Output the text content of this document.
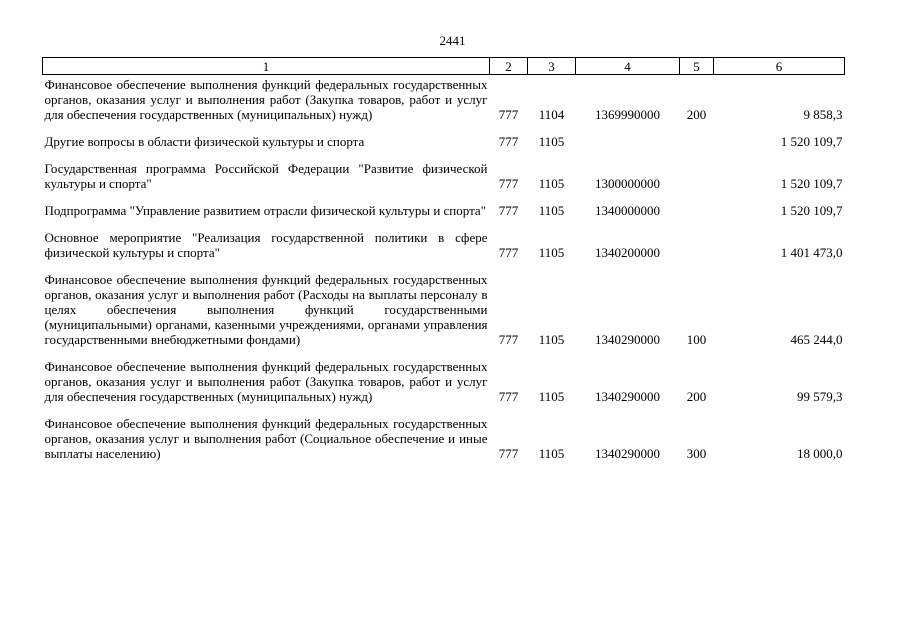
2441
1	2	3	4	5	6

Финансовое обеспечение выполнения функций федеральных государственных органов, оказания услуг и выполнения работ (Закупка товаров, работ и услуг для обеспечения государственных (муниципальных) нужд)	777	1104	1369990000	200	9 858,3

Другие вопросы в области физической культуры и спорта	777	1105			1 520 109,7

Государственная программа Российской Федерации "Развитие физической культуры и спорта"	777	1105	1300000000		1 520 109,7

Подпрограмма "Управление развитием отрасли физической культуры и спорта"	777	1105	1340000000		1 520 109,7

Основное мероприятие "Реализация государственной политики в сфере физической культуры и спорта"	777	1105	1340200000		1 401 473,0

Финансовое обеспечение выполнения функций федеральных государственных органов, оказания услуг и выполнения работ (Расходы на выплаты персоналу в целях обеспечения выполнения функций государственными (муниципальными) органами, казенными учреждениями, органами управления государственными внебюджетными фондами)	777	1105	1340290000	100	465 244,0

Финансовое обеспечение выполнения функций федеральных государственных органов, оказания услуг и выполнения работ (Закупка товаров, работ и услуг для обеспечения государственных (муниципальных) нужд)	777	1105	1340290000	200	99 579,3

Финансовое обеспечение выполнения функций федеральных государственных органов, оказания услуг и выполнения работ (Социальное обеспечение и иные выплаты населению)	777	1105	1340290000	300	18 000,0
